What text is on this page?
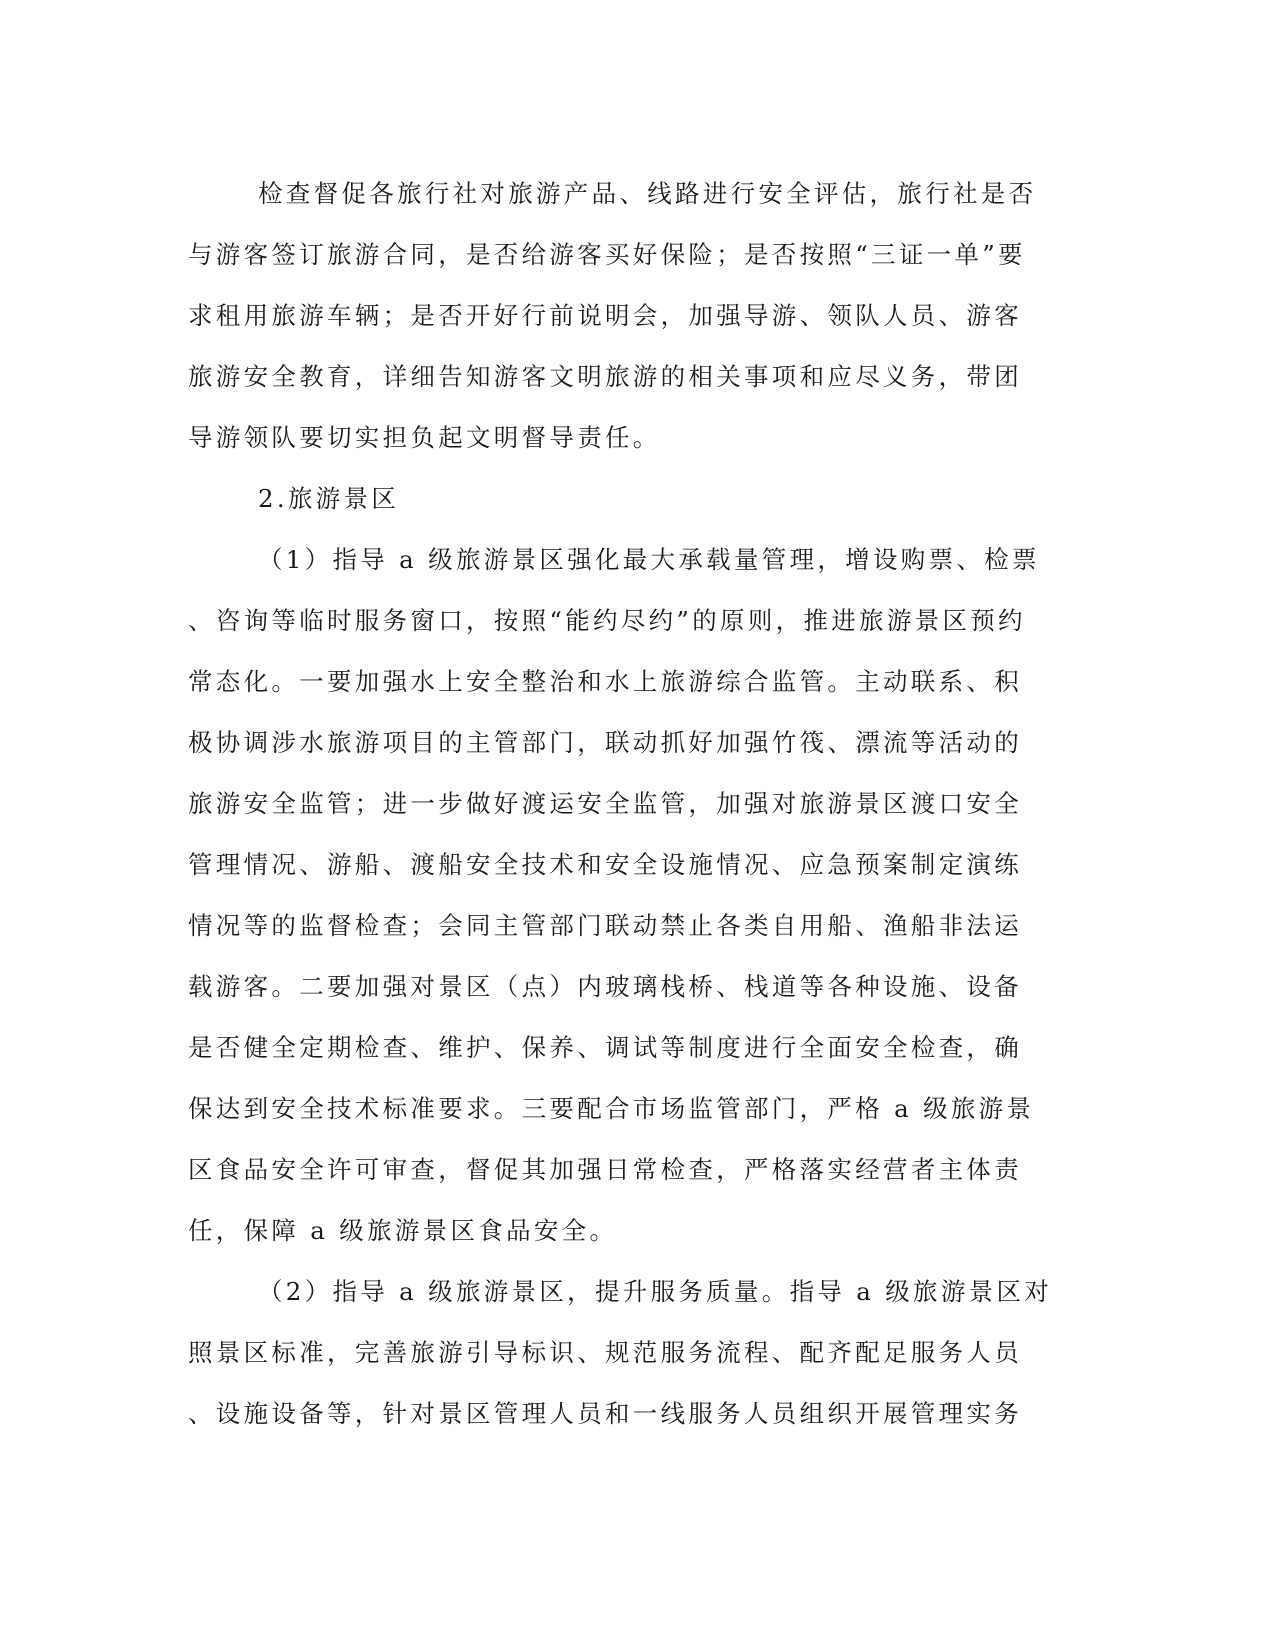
检查督促各旅行社对旅游产品、线路进行安全评估，旅行社是否
与游客签订旅游合同，是否给游客买好保险；是否按照“三证一单”要
求租用旅游车辆；是否开好行前说明会，加强导游、领队人员、游客
旅游安全教育，详细告知游客文明旅游的相关事项和应尽义务，带团
导游领队要切实担负起文明督导责任。
2.旅游景区
（1）指导 a 级旅游景区强化最大承载量管理，增设购票、检票
、咨询等临时服务窗口，按照“能约尽约”的原则，推进旅游景区预约
常态化。一要加强水上安全整治和水上旅游综合监管。主动联系、积
极协调涉水旅游项目的主管部门，联动抓好加强竹筏、漂流等活动的
旅游安全监管；进一步做好渡运安全监管，加强对旅游景区渡口安全
管理情况、游船、渡船安全技术和安全设施情况、应急预案制定演练
情况等的监督检查；会同主管部门联动禁止各类自用船、渔船非法运
载游客。二要加强对景区（点）内玻璃栈桥、栈道等各种设施、设备
是否健全定期检查、维护、保养、调试等制度进行全面安全检查，确
保达到安全技术标准要求。三要配合市场监管部门，严格 a 级旅游景
区食品安全许可审查，督促其加强日常检查，严格落实经营者主体责
任，保障 a 级旅游景区食品安全。
（2）指导 a 级旅游景区，提升服务质量。指导 a 级旅游景区对
照景区标准，完善旅游引导标识、规范服务流程、配齐配足服务人员
、设施设备等，针对景区管理人员和一线服务人员组织开展管理实务
